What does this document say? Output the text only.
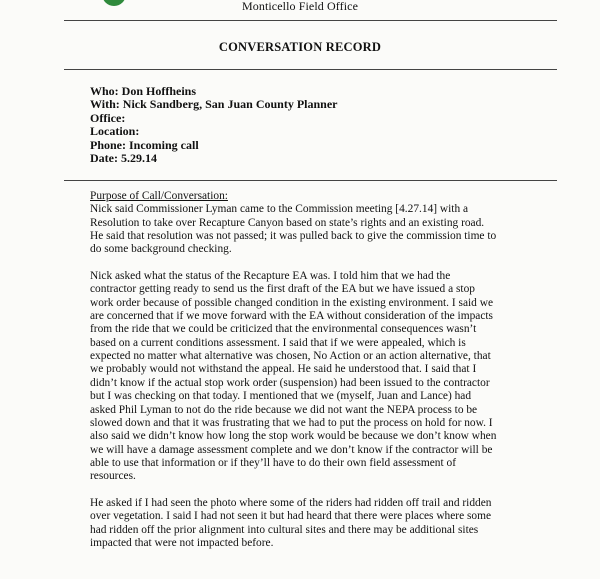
Monticello Field Office
CONVERSATION RECORD
Who: Don Hoffheins
With: Nick Sandberg, San Juan County Planner
Office:
Location:
Phone: Incoming call
Date: 5.29.14
Purpose of Call/Conversation:
Nick said Commissioner Lyman came to the Commission meeting [4.27.14] with a
Resolution to take over Recapture Canyon based on state’s rights and an existing road.
He said that resolution was not passed; it was pulled back to give the commission time to
do some background checking.
Nick asked what the status of the Recapture EA was. I told him that we had the
contractor getting ready to send us the first draft of the EA but we have issued a stop
work order because of possible changed condition in the existing environment. I said we
are concerned that if we move forward with the EA without consideration of the impacts
from the ride that we could be criticized that the environmental consequences wasn’t
based on a current conditions assessment. I said that if we were appealed, which is
expected no matter what alternative was chosen, No Action or an action alternative, that
we probably would not withstand the appeal. He said he understood that. I said that I
didn’t know if the actual stop work order (suspension) had been issued to the contractor
but I was checking on that today. I mentioned that we (myself, Juan and Lance) had
asked Phil Lyman to not do the ride because we did not want the NEPA process to be
slowed down and that it was frustrating that we had to put the process on hold for now. I
also said we didn’t know how long the stop work would be because we don’t know when
we will have a damage assessment complete and we don’t know if the contractor will be
able to use that information or if they’ll have to do their own field assessment of
resources.
He asked if I had seen the photo where some of the riders had ridden off trail and ridden
over vegetation. I said I had not seen it but had heard that there were places where some
had ridden off the prior alignment into cultural sites and there may be additional sites
impacted that were not impacted before.
